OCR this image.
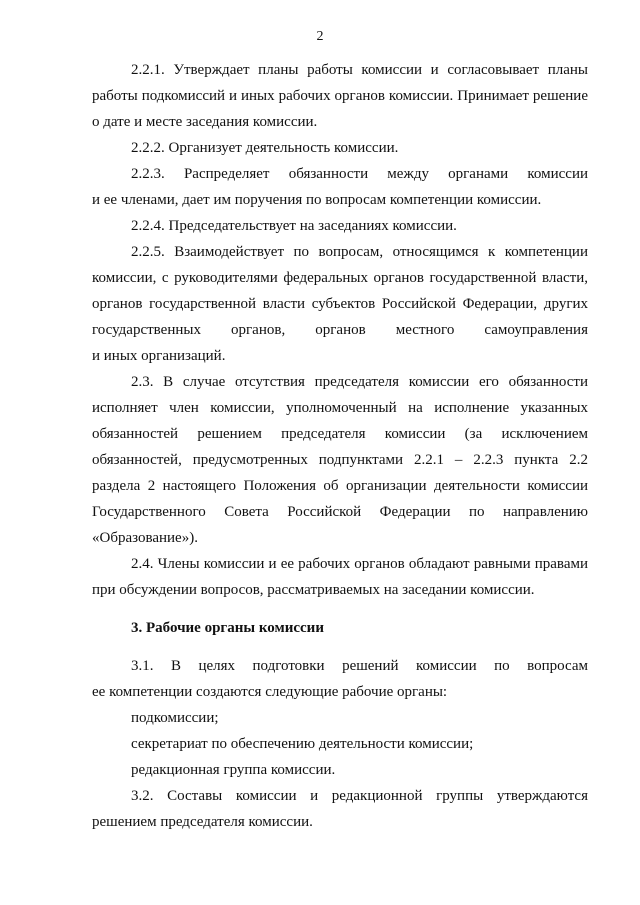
2
2.2.1. Утверждает планы работы комиссии и согласовывает планы
работы подкомиссий и иных рабочих органов комиссии. Принимает решение
о дате и месте заседания комиссии.
2.2.2. Организует деятельность комиссии.
2.2.3. Распределяет обязанности между органами комиссии
и ее членами, дает им поручения по вопросам компетенции комиссии.
2.2.4. Председательствует на заседаниях комиссии.
2.2.5. Взаимодействует по вопросам, относящимся к компетенции
комиссии, с руководителями федеральных органов государственной власти,
органов государственной власти субъектов Российской Федерации, других
государственных органов, органов местного самоуправления
и иных организаций.
2.3. В случае отсутствия председателя комиссии его обязанности
исполняет член комиссии, уполномоченный на исполнение указанных
обязанностей решением председателя комиссии (за исключением
обязанностей, предусмотренных подпунктами 2.2.1 – 2.2.3 пункта 2.2
раздела 2 настоящего Положения об организации деятельности комиссии
Государственного Совета Российской Федерации по направлению
«Образование»).
2.4. Члены комиссии и ее рабочих органов обладают равными правами
при обсуждении вопросов, рассматриваемых на заседании комиссии.
3. Рабочие органы комиссии
3.1. В целях подготовки решений комиссии по вопросам
ее компетенции создаются следующие рабочие органы:
подкомиссии;
секретариат по обеспечению деятельности комиссии;
редакционная группа комиссии.
3.2. Составы комиссии и редакционной группы утверждаются
решением председателя комиссии.
